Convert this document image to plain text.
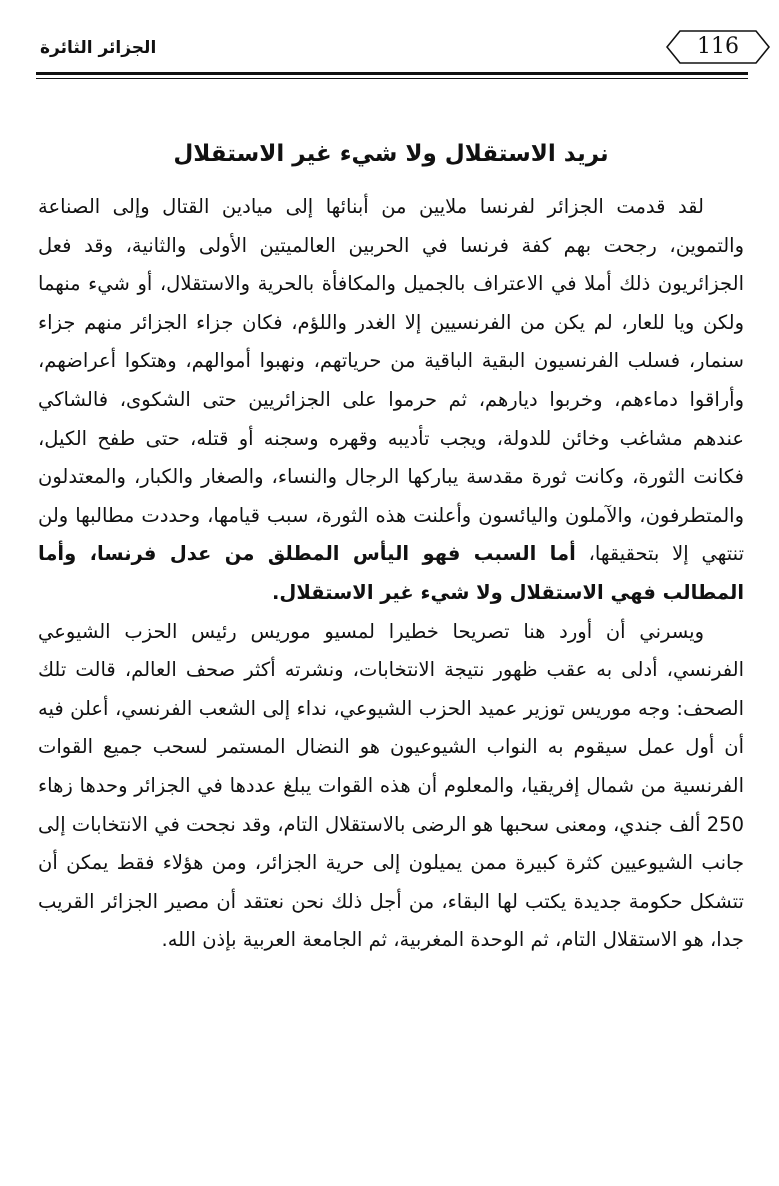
116
الجزائر الثائرة
نريد الاستقلال ولا شيء غير الاستقلال

لقد قدمت الجزائر لفرنسا ملايين من أبنائها إلى ميادين القتال وإلى الصناعة والتموين، رجحت بهم كفة فرنسا في الحربين العالميتين الأولى والثانية، وقد فعل الجزائريون ذلك أملا في الاعتراف بالجميل والمكافأة بالحرية والاستقلال، أو شيء منهما ولكن ويا للعار، لم يكن من الفرنسيين إلا الغدر واللؤم، فكان جزاء الجزائر منهم جزاء سنمار، فسلب الفرنسيون البقية الباقية من حرياتهم، ونهبوا أموالهم، وهتكوا أعراضهم، وأراقوا دماءهم، وخربوا ديارهم، ثم حرموا على الجزائريين حتى الشكوى، فالشاكي عندهم مشاغب وخائن للدولة، ويجب تأديبه وقهره وسجنه أو قتله، حتى طفح الكيل، فكانت الثورة، وكانت ثورة مقدسة يباركها الرجال والنساء، والصغار والكبار، والمعتدلون والمتطرفون، والآملون واليائسون وأعلنت هذه الثورة، سبب قيامها، وحددت مطالبها ولن تنتهي إلا بتحقيقها، أما السبب فهو اليأس المطلق من عدل فرنسا، وأما المطالب فهي الاستقلال ولا شيء غير الاستقلال.

ويسرني أن أورد هنا تصريحا خطيرا لمسيو موريس رئيس الحزب الشيوعي الفرنسي، أدلى به عقب ظهور نتيجة الانتخابات، ونشرته أكثر صحف العالم، قالت تلك الصحف: وجه موريس توزير عميد الحزب الشيوعي، نداء إلى الشعب الفرنسي، أعلن فيه أن أول عمل سيقوم به النواب الشيوعيون هو النضال المستمر لسحب جميع القوات الفرنسية من شمال إفريقيا، والمعلوم أن هذه القوات يبلغ عددها في الجزائر وحدها زهاء 250 ألف جندي، ومعنى سحبها هو الرضى بالاستقلال التام، وقد نجحت في الانتخابات إلى جانب الشيوعيين كثرة كبيرة ممن يميلون إلى حرية الجزائر، ومن هؤلاء فقط يمكن أن تتشكل حكومة جديدة يكتب لها البقاء، من أجل ذلك نحن نعتقد أن مصير الجزائر القريب جدا، هو الاستقلال التام، ثم الوحدة المغربية، ثم الجامعة العربية بإذن الله.
